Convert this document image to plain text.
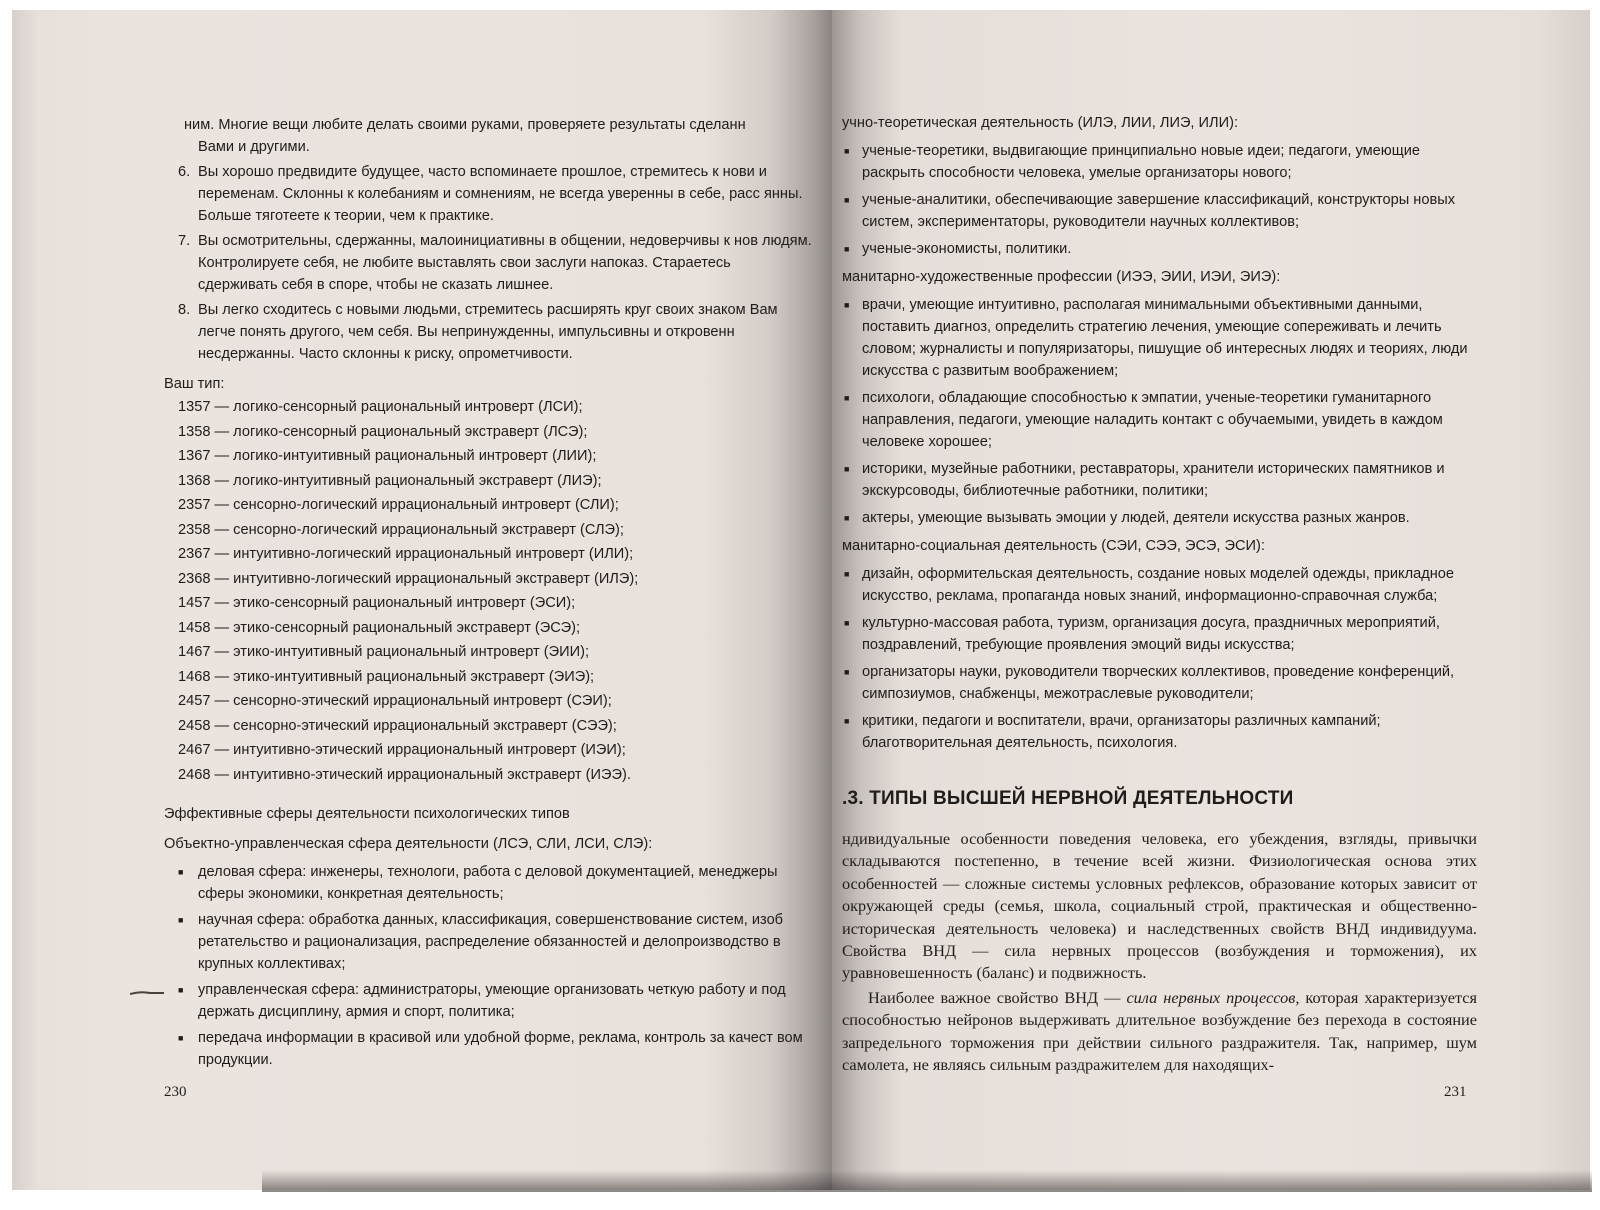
ним. Многие вещи любите делать своими руками, проверяете результаты сделанн

Вами и другими.

6. Вы хорошо предвидите будущее, часто вспоминаете прошлое, стремитесь к нови и переменам. Склонны к колебаниям и сомнениям, не всегда уверенны в себе, расс янны. Больше тяготеете к теории, чем к практике.
7. Вы осмотрительны, сдержанны, малоинициативны в общении, недоверчивы к нов людям. Контролируете себя, не любите выставлять свои заслуги напоказ. Стараетесь сдерживать себя в споре, чтобы не сказать лишнее.
8. Вы легко сходитесь с новыми людьми, стремитесь расширять круг своих знаком Вам легче понять другого, чем себя. Вы непринужденны, импульсивны и откровенн несдержанны. Часто склонны к риску, опрометчивости.

Ваш тип:

1357 — логико-сенсорный рациональный интроверт (ЛСИ);
1358 — логико-сенсорный рациональный экстраверт (ЛСЭ);
1367 — логико-интуитивный рациональный интроверт (ЛИИ);
1368 — логико-интуитивный рациональный экстраверт (ЛИЭ);
2357 — сенсорно-логический иррациональный интроверт (СЛИ);
2358 — сенсорно-логический иррациональный экстраверт (СЛЭ);
2367 — интуитивно-логический иррациональный интроверт (ИЛИ);
2368 — интуитивно-логический иррациональный экстраверт (ИЛЭ);
1457 — этико-сенсорный рациональный интроверт (ЭСИ);
1458 — этико-сенсорный рациональный экстраверт (ЭСЭ);
1467 — этико-интуитивный рациональный интроверт (ЭИИ);
1468 — этико-интуитивный рациональный экстраверт (ЭИЭ);
2457 — сенсорно-этический иррациональный интроверт (СЭИ);
2458 — сенсорно-этический иррациональный экстраверт (СЭЭ);
2467 — интуитивно-этический иррациональный интроверт (ИЭИ);
2468 — интуитивно-этический иррациональный экстраверт (ИЭЭ).

Эффективные сферы деятельности психологических типов

Объектно-управленческая сфера деятельности (ЛСЭ, СЛИ, ЛСИ, СЛЭ):

■ деловая сфера: инженеры, технологи, работа с деловой документацией, менеджеры сферы экономики, конкретная деятельность;
■ научная сфера: обработка данных, классификация, совершенствование систем, изоб ретательство и рационализация, распределение обязанностей и делопроизводство в крупных коллективах;
■ управленческая сфера: администраторы, умеющие организовать четкую работу и под держать дисциплину, армия и спорт, политика;
■ передача информации в красивой или удобной форме, реклама, контроль за качест вом продукции.
230

учно-теоретическая деятельность (ИЛЭ, ЛИИ, ЛИЭ, ИЛИ):

■ ученые-теоретики, выдвигающие принципиально новые идеи; педагоги, умеющие раскрыть способности человека, умелые организаторы нового;
■ ученые-аналитики, обеспечивающие завершение классификаций, конструкторы новых систем, экспериментаторы, руководители научных коллективов;
■ ученые-экономисты, политики.

манитарно-художественные профессии (ИЭЭ, ЭИИ, ИЭИ, ЭИЭ):

■ врачи, умеющие интуитивно, располагая минимальными объективными данными, поставить диагноз, определить стратегию лечения, умеющие сопереживать и лечить словом; журналисты и популяризаторы, пишущие об интересных людях и теориях, люди искусства с развитым воображением;
■ психологи, обладающие способностью к эмпатии, ученые-теоретики гуманитарного направления, педагоги, умеющие наладить контакт с обучаемыми, увидеть в каждом человеке хорошее;
■ историки, музейные работники, реставраторы, хранители исторических памятников и экскурсоводы, библиотечные работники, политики;
■ актеры, умеющие вызывать эмоции у людей, деятели искусства разных жанров.

манитарно-социальная деятельность (СЭИ, СЭЭ, ЭСЭ, ЭСИ):

■ дизайн, оформительская деятельность, создание новых моделей одежды, прикладное искусство, реклама, пропаганда новых знаний, информационно-справочная служба;
■ культурно-массовая работа, туризм, организация досуга, праздничных мероприятий, поздравлений, требующие проявления эмоций виды искусства;
■ организаторы науки, руководители творческих коллективов, проведение конференций, симпозиумов, снабженцы, межотраслевые руководители;
■ критики, педагоги и воспитатели, врачи, организаторы различных кампаний; благотворительная деятельность, психология.
.3. ТИПЫ ВЫСШЕЙ НЕРВНОЙ ДЕЯТЕЛЬНОСТИ

ндивидуальные особенности поведения человека, его убеждения, взгляды, привычки складываются постепенно, в течение всей жизни. Физиологическая основа этих особенностей — сложные системы условных рефлексов, образование которых зависит от окружающей среды (семья, школа, социальный строй, практическая и общественно-историческая деятельность человека) и наследственных свойств ВНД индивидуума. Свойства ВНД — сила нервных процессов (возбуждения и торможения), их уравновешенность (баланс) и подвижность.

Наиболее важное свойство ВНД — сила нервных процессов, которая характеризуется способностью нейронов выдерживать длительное возбуждение без перехода в состояние запредельного торможения при действии сильного раздражителя. Так, например, шум самолета, не являясь сильным раздражителем для находящих-

231
